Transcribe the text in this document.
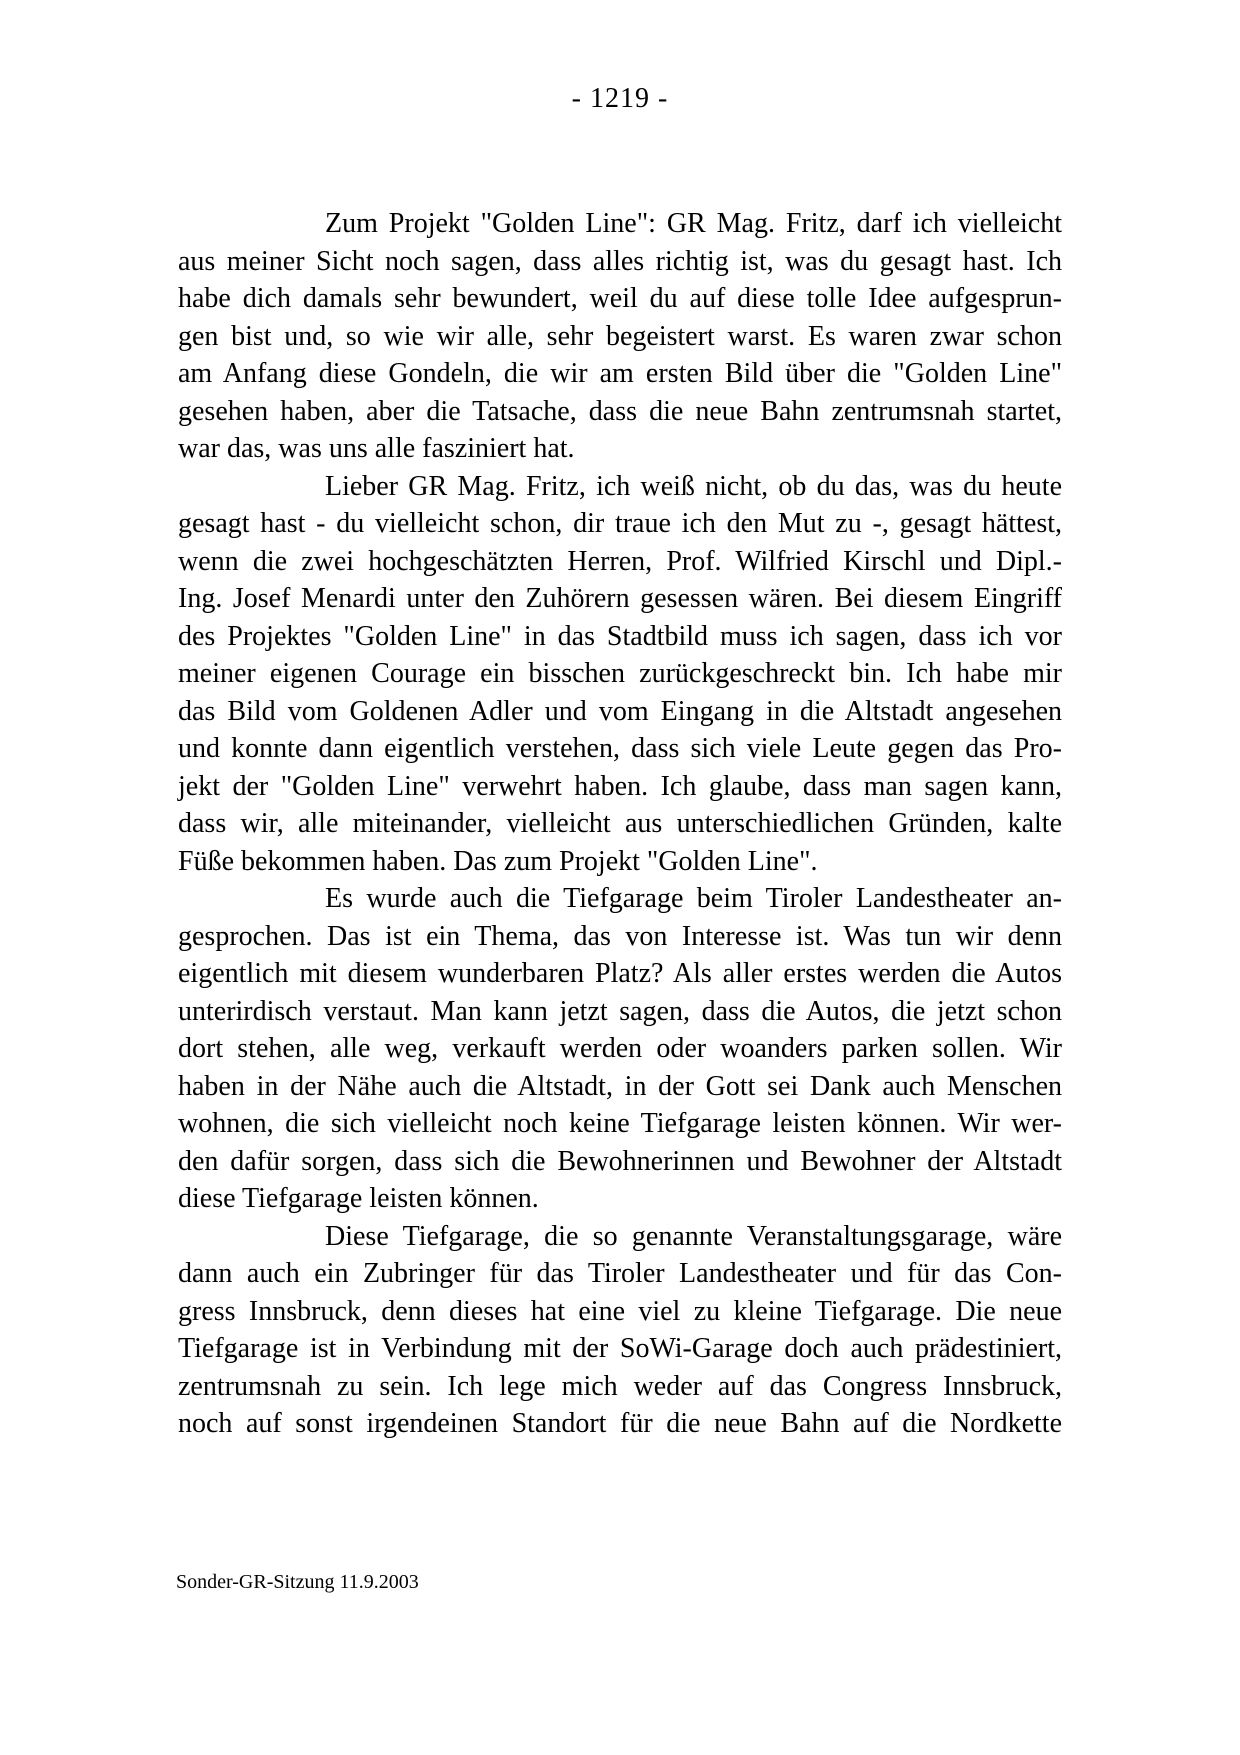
- 1219 -
Zum Projekt "Golden Line": GR Mag. Fritz, darf ich vielleicht
aus meiner Sicht noch sagen, dass alles richtig ist, was du gesagt hast. Ich
habe dich damals sehr bewundert, weil du auf diese tolle Idee aufgesprun-
gen bist und, so wie wir alle, sehr begeistert warst. Es waren zwar schon
am Anfang diese Gondeln, die wir am ersten Bild über die "Golden Line"
gesehen haben, aber die Tatsache, dass die neue Bahn zentrumsnah startet,
war das, was uns alle fasziniert hat.
Lieber GR Mag. Fritz, ich weiß nicht, ob du das, was du heute
gesagt hast - du vielleicht schon, dir traue ich den Mut zu -, gesagt hättest,
wenn die zwei hochgeschätzten Herren, Prof. Wilfried Kirschl und Dipl.-
Ing. Josef Menardi unter den Zuhörern gesessen wären. Bei diesem Eingriff
des Projektes "Golden Line" in das Stadtbild muss ich sagen, dass ich vor
meiner eigenen Courage ein bisschen zurückgeschreckt bin. Ich habe mir
das Bild vom Goldenen Adler und vom Eingang in die Altstadt angesehen
und konnte dann eigentlich verstehen, dass sich viele Leute gegen das Pro-
jekt der "Golden Line" verwehrt haben. Ich glaube, dass man sagen kann,
dass wir, alle miteinander, vielleicht aus unterschiedlichen Gründen, kalte
Füße bekommen haben. Das zum Projekt "Golden Line".
Es wurde auch die Tiefgarage beim Tiroler Landestheater an-
gesprochen. Das ist ein Thema, das von Interesse ist. Was tun wir denn
eigentlich mit diesem wunderbaren Platz? Als aller erstes werden die Autos
unterirdisch verstaut. Man kann jetzt sagen, dass die Autos, die jetzt schon
dort stehen, alle weg, verkauft werden oder woanders parken sollen. Wir
haben in der Nähe auch die Altstadt, in der Gott sei Dank auch Menschen
wohnen, die sich vielleicht noch keine Tiefgarage leisten können. Wir wer-
den dafür sorgen, dass sich die Bewohnerinnen und Bewohner der Altstadt
diese Tiefgarage leisten können.
Diese Tiefgarage, die so genannte Veranstaltungsgarage, wäre
dann auch ein Zubringer für das Tiroler Landestheater und für das Con-
gress Innsbruck, denn dieses hat eine viel zu kleine Tiefgarage. Die neue
Tiefgarage ist in Verbindung mit der SoWi-Garage doch auch prädestiniert,
zentrumsnah zu sein. Ich lege mich weder auf das Congress Innsbruck,
noch auf sonst irgendeinen Standort für die neue Bahn auf die Nordkette
Sonder-GR-Sitzung 11.9.2003
